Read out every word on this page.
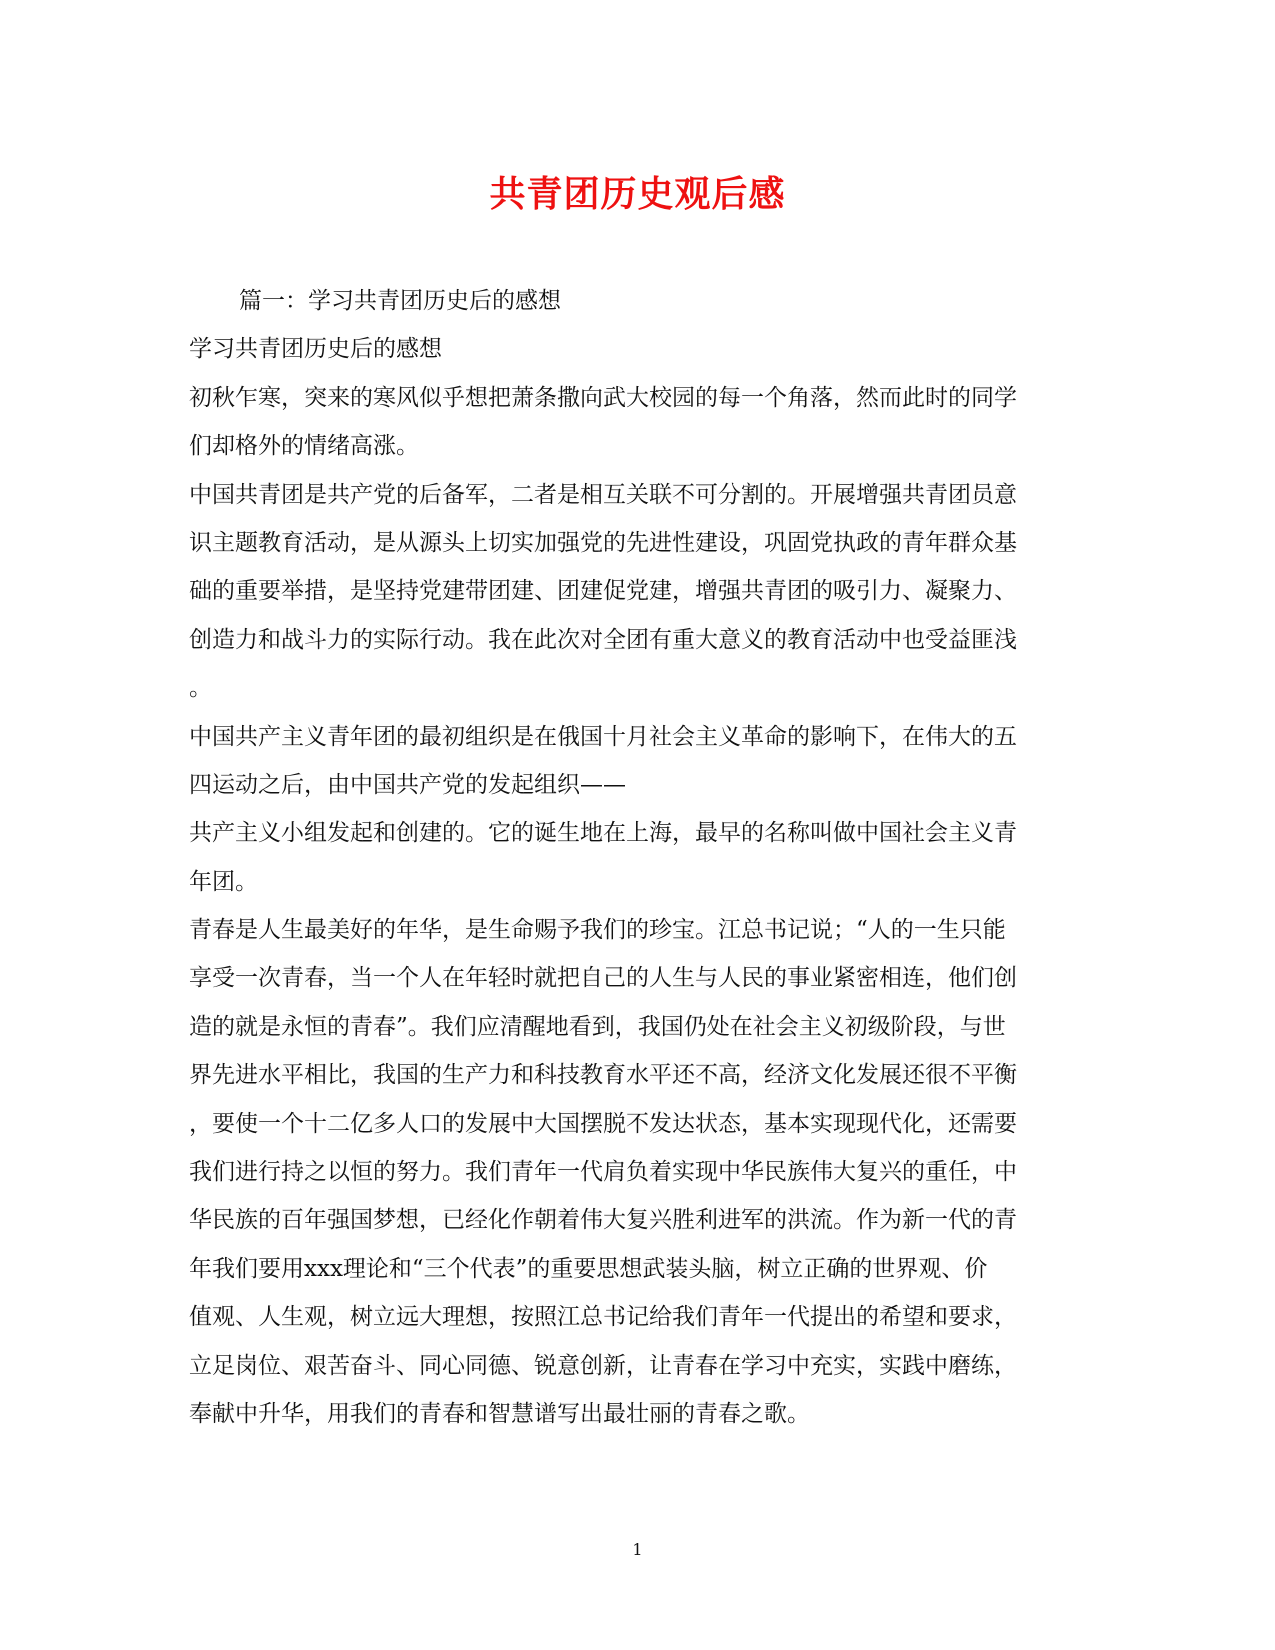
共青团历史观后感
篇一：学习共青团历史后的感想
学习共青团历史后的感想
初秋乍寒，突来的寒风似乎想把萧条撒向武大校园的每一个角落，然而此时的同学
们却格外的情绪高涨。
中国共青团是共产党的后备军，二者是相互关联不可分割的。开展增强共青团员意
识主题教育活动，是从源头上切实加强党的先进性建设，巩固党执政的青年群众基
础的重要举措，是坚持党建带团建、团建促党建，增强共青团的吸引力、凝聚力、
创造力和战斗力的实际行动。我在此次对全团有重大意义的教育活动中也受益匪浅
。
中国共产主义青年团的最初组织是在俄国十月社会主义革命的影响下，在伟大的五
四运动之后，由中国共产党的发起组织——
共产主义小组发起和创建的。它的诞生地在上海，最早的名称叫做中国社会主义青
年团。
青春是人生最美好的年华，是生命赐予我们的珍宝。江总书记说；“人的一生只能
享受一次青春，当一个人在年轻时就把自己的人生与人民的事业紧密相连，他们创
造的就是永恒的青春”。我们应清醒地看到，我国仍处在社会主义初级阶段，与世
界先进水平相比，我国的生产力和科技教育水平还不高，经济文化发展还很不平衡
，要使一个十二亿多人口的发展中大国摆脱不发达状态，基本实现现代化，还需要
我们进行持之以恒的努力。我们青年一代肩负着实现中华民族伟大复兴的重任，中
华民族的百年强国梦想，已经化作朝着伟大复兴胜利进军的洪流。作为新一代的青
年我们要用xxx理论和“三个代表”的重要思想武装头脑，树立正确的世界观、价
值观、人生观，树立远大理想，按照江总书记给我们青年一代提出的希望和要求，
立足岗位、艰苦奋斗、同心同德、锐意创新，让青春在学习中充实，实践中磨练，
奉献中升华，用我们的青春和智慧谱写出最壮丽的青春之歌。
1
